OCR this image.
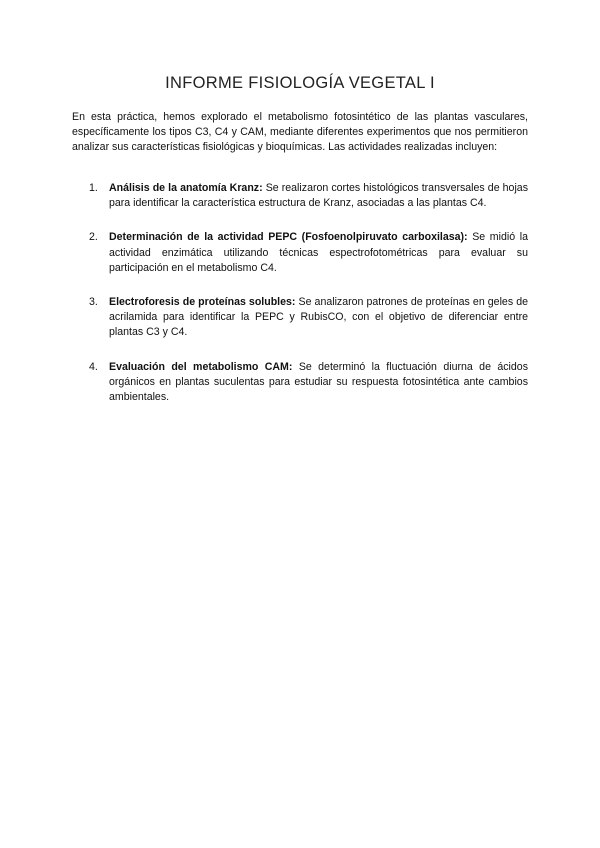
INFORME FISIOLOGÍA VEGETAL I

En esta práctica, hemos explorado el metabolismo fotosintético de las plantas vasculares, específicamente los tipos C3, C4 y CAM, mediante diferentes experimentos que nos permitieron analizar sus características fisiológicas y bioquímicas. Las actividades realizadas incluyen:

1. Análisis de la anatomía Kranz: Se realizaron cortes histológicos transversales de hojas para identificar la característica estructura de Kranz, asociadas a las plantas C4.
2. Determinación de la actividad PEPC (Fosfoenolpiruvato carboxilasa): Se midió la actividad enzimática utilizando técnicas espectrofotométricas para evaluar su participación en el metabolismo C4.
3. Electroforesis de proteínas solubles: Se analizaron patrones de proteínas en geles de acrilamida para identificar la PEPC y RubisCO, con el objetivo de diferenciar entre plantas C3 y C4.
4. Evaluación del metabolismo CAM: Se determinó la fluctuación diurna de ácidos orgánicos en plantas suculentas para estudiar su respuesta fotosintética ante cambios ambientales.
